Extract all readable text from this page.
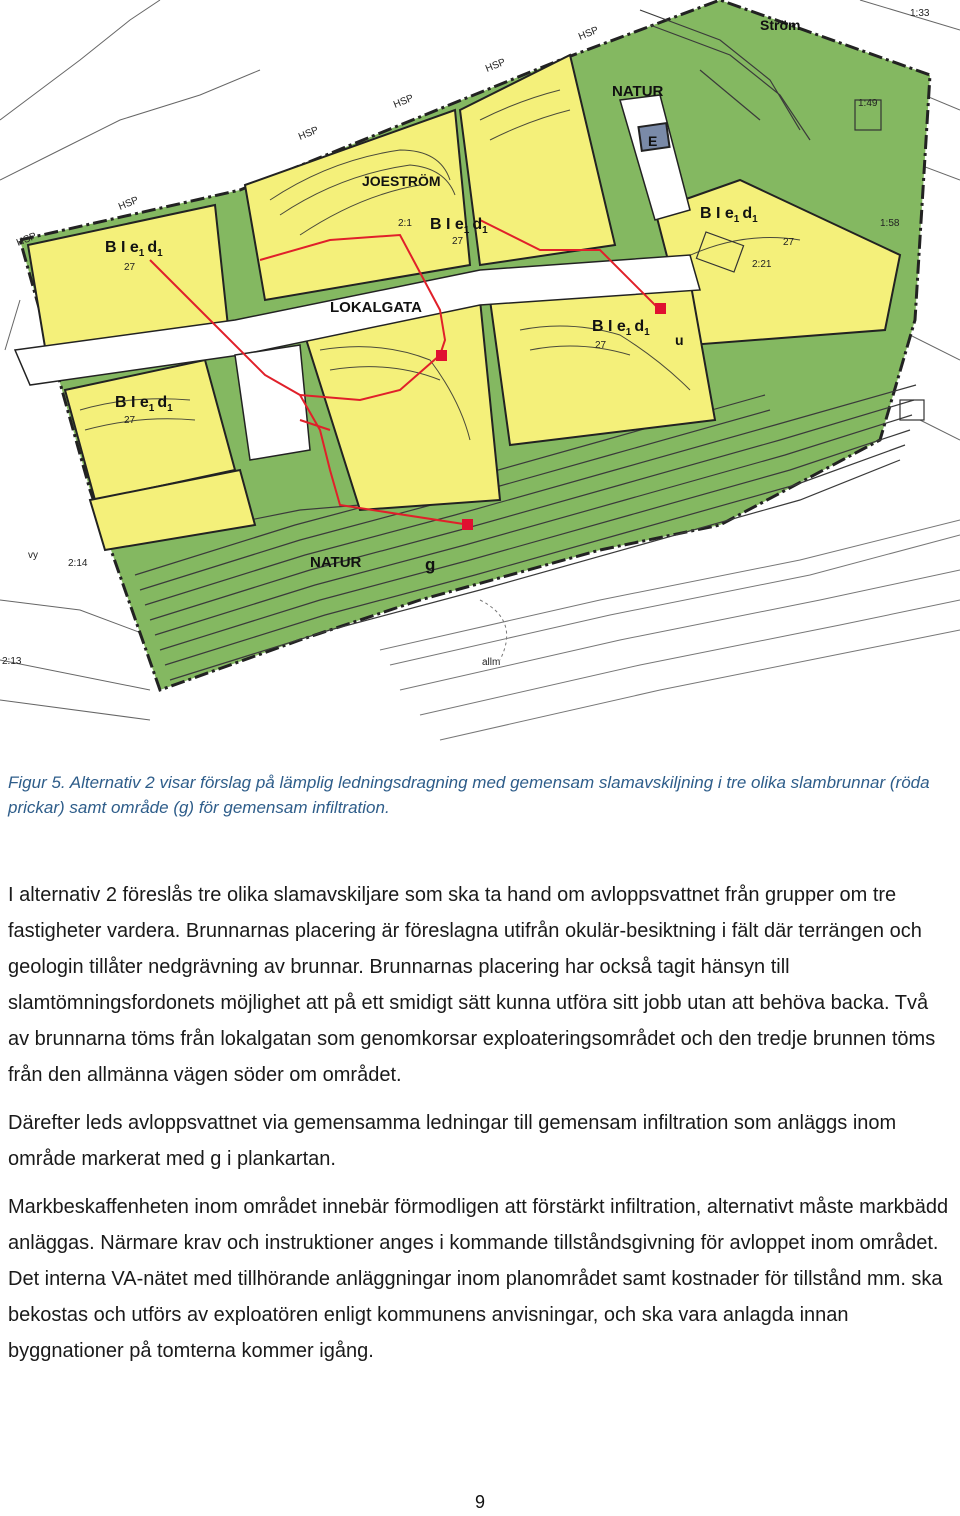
E
NATUR
NATUR	g
LOKALGATA
JOESTRÖM
Ström
1:33
1:49
1:58
2:21
2:1
2:14
2:13
vy
allm
u
HSP
HSP
HSP
HSP
HSP
HSP
B I $e_1$ $d_1$
27
B I $e_1$ $d_1$
27
B I $e_1$ $d_1$
27
B I $e_1$ $d_1$
27
B I $e_1$ $d_1$
27
Figur 5. Alternativ 2 visar förslag på lämplig ledningsdragning med gemensam slamavskiljning i tre olika slambrunnar (röda prickar) samt område (g) för gemensam infiltration.

I alternativ 2 föreslås tre olika slamavskiljare som ska ta hand om avloppsvattnet från grupper om tre fastigheter vardera. Brunnarnas placering är föreslagna utifrån okulär-besiktning i fält där terrängen och geologin tillåter nedgrävning av brunnar. Brunnarnas placering har också tagit hänsyn till slamtömningsfordonets möjlighet att på ett smidigt sätt kunna utföra sitt jobb utan att behöva backa. Två av brunnarna töms från lokalgatan som genomkorsar exploateringsområdet och den tredje brunnen töms från den allmänna vägen söder om området.

Därefter leds avloppsvattnet via gemensamma ledningar till gemensam infiltration som anläggs inom område markerat med g i plankartan.

Markbeskaffenheten inom området innebär förmodligen att förstärkt infiltration, alternativt måste markbädd anläggas. Närmare krav och instruktioner anges i kommande tillståndsgivning för avloppet inom området. Det interna VA-nätet med tillhörande anläggningar inom planområdet samt kostnader för tillstånd mm. ska bekostas och utförs av exploatören enligt kommunens anvisningar, och ska vara anlagda innan byggnationer på tomterna kommer igång.

9
